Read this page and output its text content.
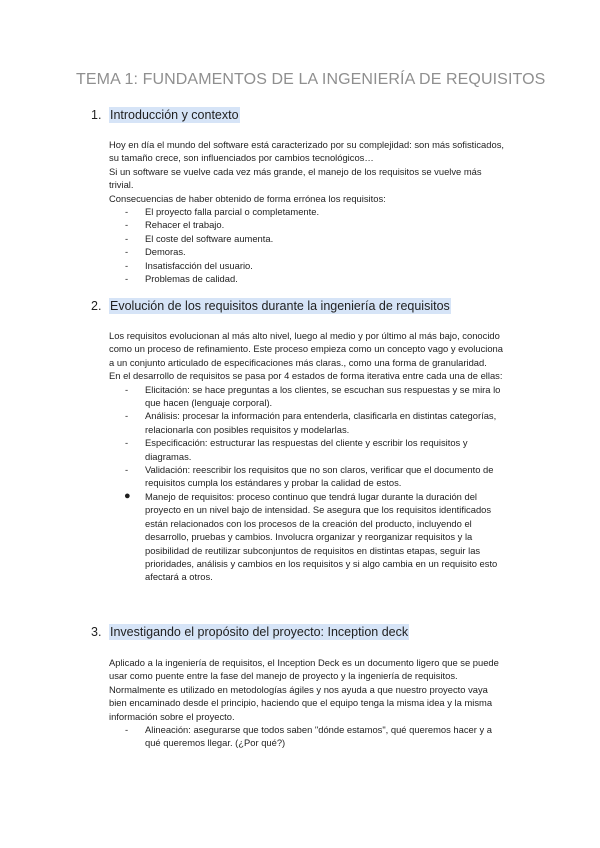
TEMA 1: FUNDAMENTOS DE LA INGENIERÍA DE REQUISITOS
1. Introducción y contexto

Hoy en día el mundo del software está caracterizado por su complejidad: son más sofisticados, su tamaño crece, son influenciados por cambios tecnológicos…

Si un software se vuelve cada vez más grande, el manejo de los requisitos se vuelve más trivial.

Consecuencias de haber obtenido de forma errónea los requisitos:

- El proyecto falla parcial o completamente.
- Rehacer el trabajo.
- El coste del software aumenta.
- Demoras.
- Insatisfacción del usuario.
- Problemas de calidad.
2. Evolución de los requisitos durante la ingeniería de requisitos

Los requisitos evolucionan al más alto nivel, luego al medio y por último al más bajo, conocido como un proceso de refinamiento. Este proceso empieza como un concepto vago y evoluciona a un conjunto articulado de especificaciones más claras., como una forma de granularidad.

En el desarrollo de requisitos se pasa por 4 estados de forma iterativa entre cada una de ellas:

- Elicitación: se hace preguntas a los clientes, se escuchan sus respuestas y se mira lo que hacen (lenguaje corporal).
- Análisis: procesar la información para entenderla, clasificarla en distintas categorías, relacionarla con posibles requisitos y modelarlas.
- Especificación: estructurar las respuestas del cliente y escribir los requisitos y diagramas.
- Validación: reescribir los requisitos que no son claros, verificar que el documento de requisitos cumpla los estándares y probar la calidad de estos.
● Manejo de requisitos: proceso continuo que tendrá lugar durante la duración del proyecto en un nivel bajo de intensidad. Se asegura que los requisitos identificados están relacionados con los procesos de la creación del producto, incluyendo el desarrollo, pruebas y cambios. Involucra organizar y reorganizar requisitos y la posibilidad de reutilizar subconjuntos de requisitos en distintas etapas, seguir las prioridades, análisis y cambios en los requisitos y si algo cambia en un requisito esto afectará a otros.
3. Investigando el propósito del proyecto: Inception deck

Aplicado a la ingeniería de requisitos, el Inception Deck es un documento ligero que se puede usar como puente entre la fase del manejo de proyecto y la ingeniería de requisitos. Normalmente es utilizado en metodologías ágiles y nos ayuda a que nuestro proyecto vaya bien encaminado desde el principio, haciendo que el equipo tenga la misma idea y la misma información sobre el proyecto.

- Alineación: asegurarse que todos saben "dónde estamos", qué queremos hacer y a qué queremos llegar. (¿Por qué?)
